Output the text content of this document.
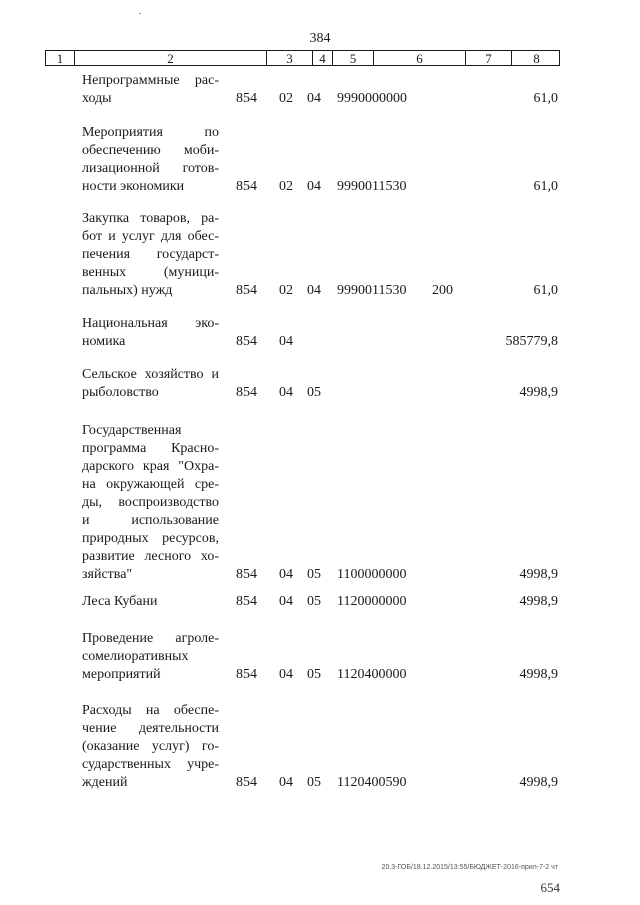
384
1	2	3	4	5	6	7	8
Непрограммные рас-
ходы	854 02 04 9990000000	61,0
Мероприятия по
обеспечению моби-
лизационной готов-
ности экономики	854 02 04 9990011530	61,0
Закупка товаров, ра-
бот и услуг для обес-
печения государст-
венных (муници-
пальных) нужд	854 02 04 9990011530 200	61,0
Национальная эко-
номика	854 04	585779,8
Сельское хозяйство и
рыболовство	854 04 05	4998,9
Государственная
программа Красно-
дарского края "Охра-
на окружающей сре-
ды, воспроизводство
и использование
природных ресурсов,
развитие лесного хо-
зяйства"	854 04 05 1100000000	4998,9
Леса Кубани	854 04 05 1120000000	4998,9
Проведение агроле-
сомелиоративных
мероприятий	854 04 05 1120400000	4998,9
Расходы на обеспе-
чение деятельности
(оказание услуг) го-
сударственных учре-
ждений	854 04 05 1120400590	4998,9
20.3-ГОБ/18.12.2015/13:55/БЮДЖЕТ-2016-прил-7-2 чт
654
